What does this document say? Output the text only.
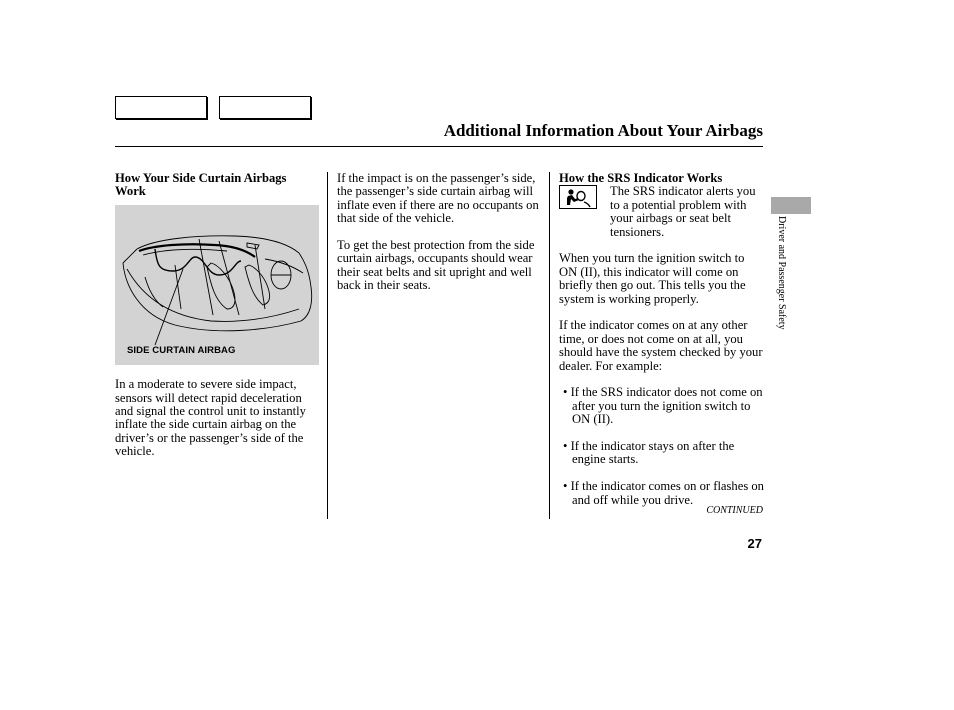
Additional Information About Your Airbags
How Your Side Curtain Airbags Work
SIDE CURTAIN AIRBAG

In a moderate to severe side impact, sensors will detect rapid deceleration and signal the control unit to instantly inflate the side curtain airbag on the driver’s or the passenger’s side of the vehicle.

If the impact is on the passenger’s side, the passenger’s side curtain airbag will inflate even if there are no occupants on that side of the vehicle.

To get the best protection from the side curtain airbags, occupants should wear their seat belts and sit upright and well back in their seats.

How the SRS Indicator Works

The SRS indicator alerts you to a potential problem with your airbags or seat belt tensioners.

When you turn the ignition switch to ON (II), this indicator will come on briefly then go out. This tells you the system is working properly.

If the indicator comes on at any other time, or does not come on at all, you should have the system checked by your dealer. For example:

• If the SRS indicator does not come on after you turn the ignition switch to ON (II).

• If the indicator stays on after the engine starts.

• If the indicator comes on or flashes on and off while you drive.

CONTINUED
27
Driver and Passenger Safety
